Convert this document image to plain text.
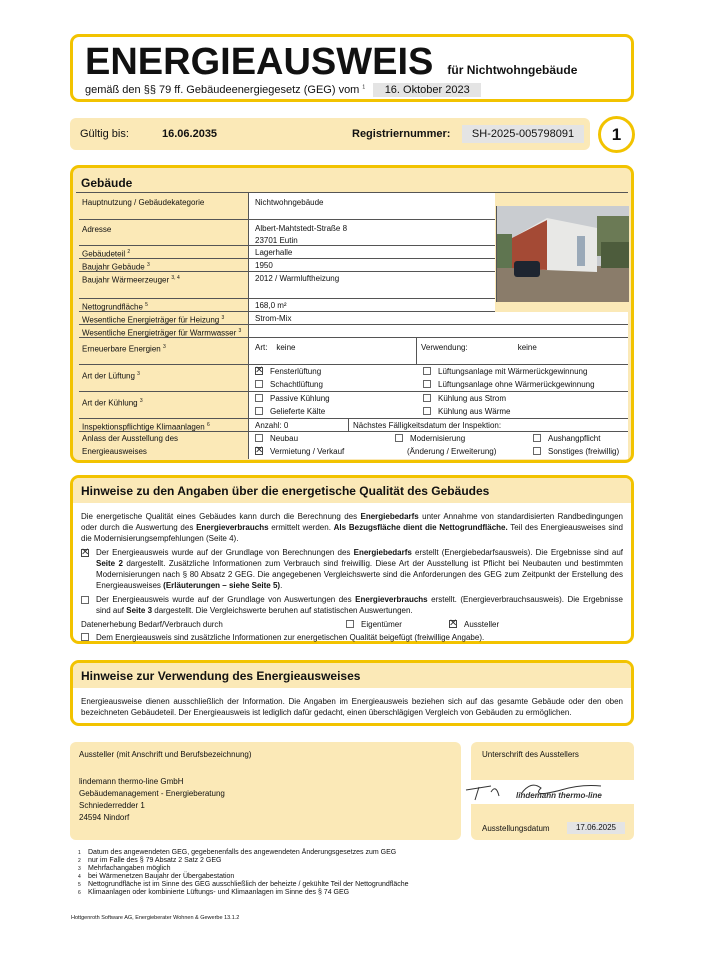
ENERGIEAUSWEIS für Nichtwohngebäude
gemäß den §§ 79 ff. Gebäudeenergiegesetz (GEG) vom $^1$	16. Oktober 2023
Gültig bis:	16.06.2035	Registriernummer:	SH-2025-005798091	1
Gebäude
Hauptnutzung / Gebäudekategorie	Nichtwohngebäude
Adresse	Albert-Mahtstedt-Straße 8
23701 Eutin
Gebäudeteil $^2$	Lagerhalle
Baujahr Gebäude $^3$	1950
Baujahr Wärmeerzeuger $^{3, 4}$	2012 / Warmluftheizung
Nettogrundfläche $^5$	168,0 m²
Wesentliche Energieträger für Heizung $^3$	Strom-Mix
Wesentliche Energieträger für Warmwasser $^3$
Erneuerbare Energien $^3$	Art: keine	Verwendung:	keine
Art der Lüftung $^3$ ✕	Fensterlüftung	Lüftungsanlage mit Wärmerückgewinnung
Schachtlüftung	Lüftungsanlage ohne Wärmerückgewinnung
Art der Kühlung $^3$	Passive Kühlung	Kühlung aus Strom
Gelieferte Kälte	Kühlung aus Wärme
Inspektionspflichtige Klimaanlagen $^6$	Anzahl: 0	Nächstes Fälligkeitsdatum der Inspektion:
Anlass der Ausstellung des
Energieausweises
Neubau	Modernisierung	Aushangpflicht
✕Vermietung / Verkauf	(Änderung / Erweiterung)	Sonstiges (freiwillig)
Hinweise zu den Angaben über die energetische Qualität des Gebäudes

Die energetische Qualität eines Gebäudes kann durch die Berechnung des Energiebedarfs unter Annahme von standardisierten Randbedingungen oder durch die Auswertung des Energieverbrauchs ermittelt werden. Als Bezugsfläche dient die Nettogrundfläche. Teil des Energieausweises sind die Modernisierungsempfehlungen (Seite 4).

✕

Der Energieausweis wurde auf der Grundlage von Berechnungen des Energiebedarfs erstellt (Energiebedarfsausweis). Die Ergebnisse sind auf Seite 2 dargestellt. Zusätzliche Informationen zum Verbrauch sind freiwillig. Diese Art der Ausstellung ist Pflicht bei Neubauten und bestimmten Modernisierungen nach § 80 Absatz 2 GEG. Die angegebenen Vergleichswerte sind die Anforderungen des GEG zum Zeitpunkt der Erstellung des Energieausweises (Erläuterungen – siehe Seite 5).

Der Energieausweis wurde auf der Grundlage von Auswertungen des Energieverbrauchs erstellt. (Energieverbrauchsausweis). Die Ergebnisse sind auf Seite 3 dargestellt. Die Vergleichswerte beruhen auf statistischen Auswertungen.

Datenerhebung Bedarf/Verbrauch durch	Eigentümer ✕	Aussteller
Dem Energieausweis sind zusätzliche Informationen zur energetischen Qualität beigefügt (freiwillige Angabe).
Hinweise zur Verwendung des Energieausweises

Energieausweise dienen ausschließlich der Information. Die Angaben im Energieausweis beziehen sich auf das gesamte Gebäude oder den oben bezeichneten Gebäudeteil. Der Energieausweis ist lediglich dafür gedacht, einen überschlägigen Vergleich von Gebäuden zu ermöglichen.

Aussteller (mit Anschrift und Berufsbezeichnung)
lindemann thermo-line GmbH
Gebäudemanagement - Energieberatung
Schniederredder 1
24594 Nindorf
Unterschrift des Ausstellers
lindemann thermo-line
Ausstellungsdatum	17.06.2025
1 Datum des angewendeten GEG, gegebenenfalls des angewendeten Änderungsgesetzes zum GEG
2 nur im Falle des § 79 Absatz 2 Satz 2 GEG
3 Mehrfachangaben möglich
4 bei Wärmenetzen Baujahr der Übergabestation
5 Nettogrundfläche ist im Sinne des GEG ausschließlich der beheizte / gekühlte Teil der Nettogrundfläche
6 Klimaanlagen oder kombinierte Lüftungs- und Klimaanlagen im Sinne des § 74 GEG
Hottgenroth Software AG, Energieberater Wohnen & Gewerbe 13.1.2
